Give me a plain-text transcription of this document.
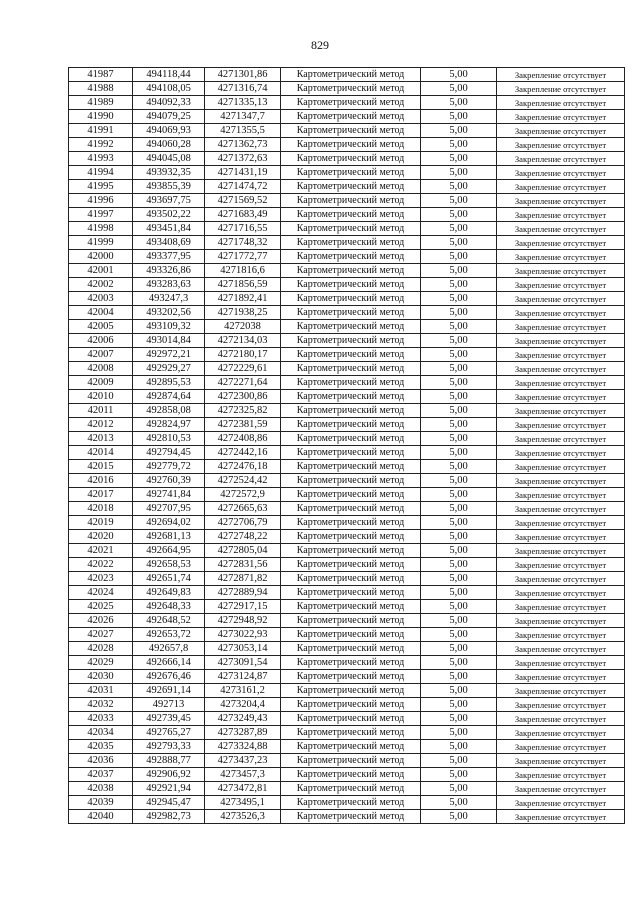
829
41987	494118,44	4271301,86	Картометрический метод	5,00	Закрепление отсутствует
41988	494108,05	4271316,74	Картометрический метод	5,00	Закрепление отсутствует
41989	494092,33	4271335,13	Картометрический метод	5,00	Закрепление отсутствует
41990	494079,25	4271347,7	Картометрический метод	5,00	Закрепление отсутствует
41991	494069,93	4271355,5	Картометрический метод	5,00	Закрепление отсутствует
41992	494060,28	4271362,73	Картометрический метод	5,00	Закрепление отсутствует
41993	494045,08	4271372,63	Картометрический метод	5,00	Закрепление отсутствует
41994	493932,35	4271431,19	Картометрический метод	5,00	Закрепление отсутствует
41995	493855,39	4271474,72	Картометрический метод	5,00	Закрепление отсутствует
41996	493697,75	4271569,52	Картометрический метод	5,00	Закрепление отсутствует
41997	493502,22	4271683,49	Картометрический метод	5,00	Закрепление отсутствует
41998	493451,84	4271716,55	Картометрический метод	5,00	Закрепление отсутствует
41999	493408,69	4271748,32	Картометрический метод	5,00	Закрепление отсутствует
42000	493377,95	4271772,77	Картометрический метод	5,00	Закрепление отсутствует
42001	493326,86	4271816,6	Картометрический метод	5,00	Закрепление отсутствует
42002	493283,63	4271856,59	Картометрический метод	5,00	Закрепление отсутствует
42003	493247,3	4271892,41	Картометрический метод	5,00	Закрепление отсутствует
42004	493202,56	4271938,25	Картометрический метод	5,00	Закрепление отсутствует
42005	493109,32	4272038	Картометрический метод	5,00	Закрепление отсутствует
42006	493014,84	4272134,03	Картометрический метод	5,00	Закрепление отсутствует
42007	492972,21	4272180,17	Картометрический метод	5,00	Закрепление отсутствует
42008	492929,27	4272229,61	Картометрический метод	5,00	Закрепление отсутствует
42009	492895,53	4272271,64	Картометрический метод	5,00	Закрепление отсутствует
42010	492874,64	4272300,86	Картометрический метод	5,00	Закрепление отсутствует
42011	492858,08	4272325,82	Картометрический метод	5,00	Закрепление отсутствует
42012	492824,97	4272381,59	Картометрический метод	5,00	Закрепление отсутствует
42013	492810,53	4272408,86	Картометрический метод	5,00	Закрепление отсутствует
42014	492794,45	4272442,16	Картометрический метод	5,00	Закрепление отсутствует
42015	492779,72	4272476,18	Картометрический метод	5,00	Закрепление отсутствует
42016	492760,39	4272524,42	Картометрический метод	5,00	Закрепление отсутствует
42017	492741,84	4272572,9	Картометрический метод	5,00	Закрепление отсутствует
42018	492707,95	4272665,63	Картометрический метод	5,00	Закрепление отсутствует
42019	492694,02	4272706,79	Картометрический метод	5,00	Закрепление отсутствует
42020	492681,13	4272748,22	Картометрический метод	5,00	Закрепление отсутствует
42021	492664,95	4272805,04	Картометрический метод	5,00	Закрепление отсутствует
42022	492658,53	4272831,56	Картометрический метод	5,00	Закрепление отсутствует
42023	492651,74	4272871,82	Картометрический метод	5,00	Закрепление отсутствует
42024	492649,83	4272889,94	Картометрический метод	5,00	Закрепление отсутствует
42025	492648,33	4272917,15	Картометрический метод	5,00	Закрепление отсутствует
42026	492648,52	4272948,92	Картометрический метод	5,00	Закрепление отсутствует
42027	492653,72	4273022,93	Картометрический метод	5,00	Закрепление отсутствует
42028	492657,8	4273053,14	Картометрический метод	5,00	Закрепление отсутствует
42029	492666,14	4273091,54	Картометрический метод	5,00	Закрепление отсутствует
42030	492676,46	4273124,87	Картометрический метод	5,00	Закрепление отсутствует
42031	492691,14	4273161,2	Картометрический метод	5,00	Закрепление отсутствует
42032	492713	4273204,4	Картометрический метод	5,00	Закрепление отсутствует
42033	492739,45	4273249,43	Картометрический метод	5,00	Закрепление отсутствует
42034	492765,27	4273287,89	Картометрический метод	5,00	Закрепление отсутствует
42035	492793,33	4273324,88	Картометрический метод	5,00	Закрепление отсутствует
42036	492888,77	4273437,23	Картометрический метод	5,00	Закрепление отсутствует
42037	492906,92	4273457,3	Картометрический метод	5,00	Закрепление отсутствует
42038	492921,94	4273472,81	Картометрический метод	5,00	Закрепление отсутствует
42039	492945,47	4273495,1	Картометрический метод	5,00	Закрепление отсутствует
42040	492982,73	4273526,3	Картометрический метод	5,00	Закрепление отсутствует
